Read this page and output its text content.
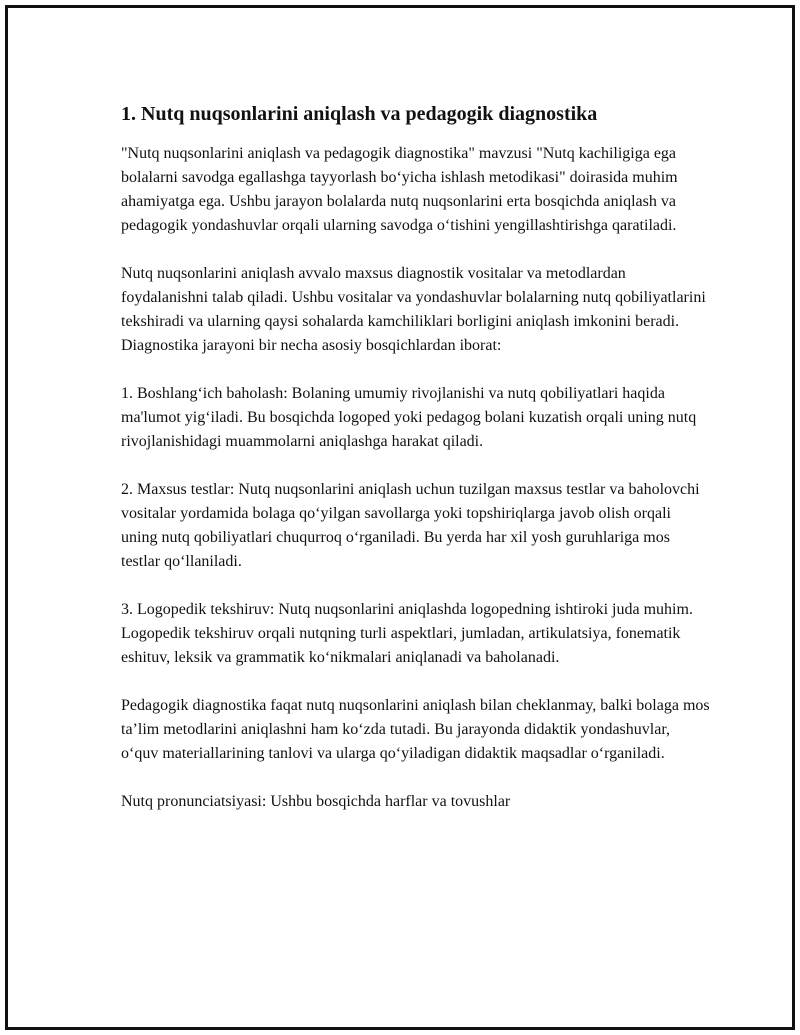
1. Nutq nuqsonlarini aniqlash va pedagogik diagnostika

"Nutq nuqsonlarini aniqlash va pedagogik diagnostika" mavzusi "Nutq kachiligiga ega bolalarni savodga egallashga tayyorlash bo‘yicha ishlash metodikasi" doirasida muhim ahamiyatga ega. Ushbu jarayon bolalarda nutq nuqsonlarini erta bosqichda aniqlash va pedagogik yondashuvlar orqali ularning savodga o‘tishini yengillashtirishga qaratiladi.

Nutq nuqsonlarini aniqlash avvalo maxsus diagnostik vositalar va metodlardan foydalanishni talab qiladi. Ushbu vositalar va yondashuvlar bolalarning nutq qobiliyatlarini tekshiradi va ularning qaysi sohalarda kamchiliklari borligini aniqlash imkonini beradi. Diagnostika jarayoni bir necha asosiy bosqichlardan iborat:

1. Boshlang‘ich baholash: Bolaning umumiy rivojlanishi va nutq qobiliyatlari haqida ma'lumot yig‘iladi. Bu bosqichda logoped yoki pedagog bolani kuzatish orqali uning nutq rivojlanishidagi muammolarni aniqlashga harakat qiladi.

2. Maxsus testlar: Nutq nuqsonlarini aniqlash uchun tuzilgan maxsus testlar va baholovchi vositalar yordamida bolaga qo‘yilgan savollarga yoki topshiriqlarga javob olish orqali uning nutq qobiliyatlari chuqurroq o‘rganiladi. Bu yerda har xil yosh guruhlariga mos testlar qo‘llaniladi.

3. Logopedik tekshiruv: Nutq nuqsonlarini aniqlashda logopedning ishtiroki juda muhim. Logopedik tekshiruv orqali nutqning turli aspektlari, jumladan, artikulatsiya, fonematik eshituv, leksik va grammatik ko‘nikmalari aniqlanadi va baholanadi.

Pedagogik diagnostika faqat nutq nuqsonlarini aniqlash bilan cheklanmay, balki bolaga mos ta’lim metodlarini aniqlashni ham ko‘zda tutadi. Bu jarayonda didaktik yondashuvlar, o‘quv materiallarining tanlovi va ularga qo‘yiladigan didaktik maqsadlar o‘rganiladi.

Nutq pronunciatsiyasi: Ushbu bosqichda harflar va tovushlar
